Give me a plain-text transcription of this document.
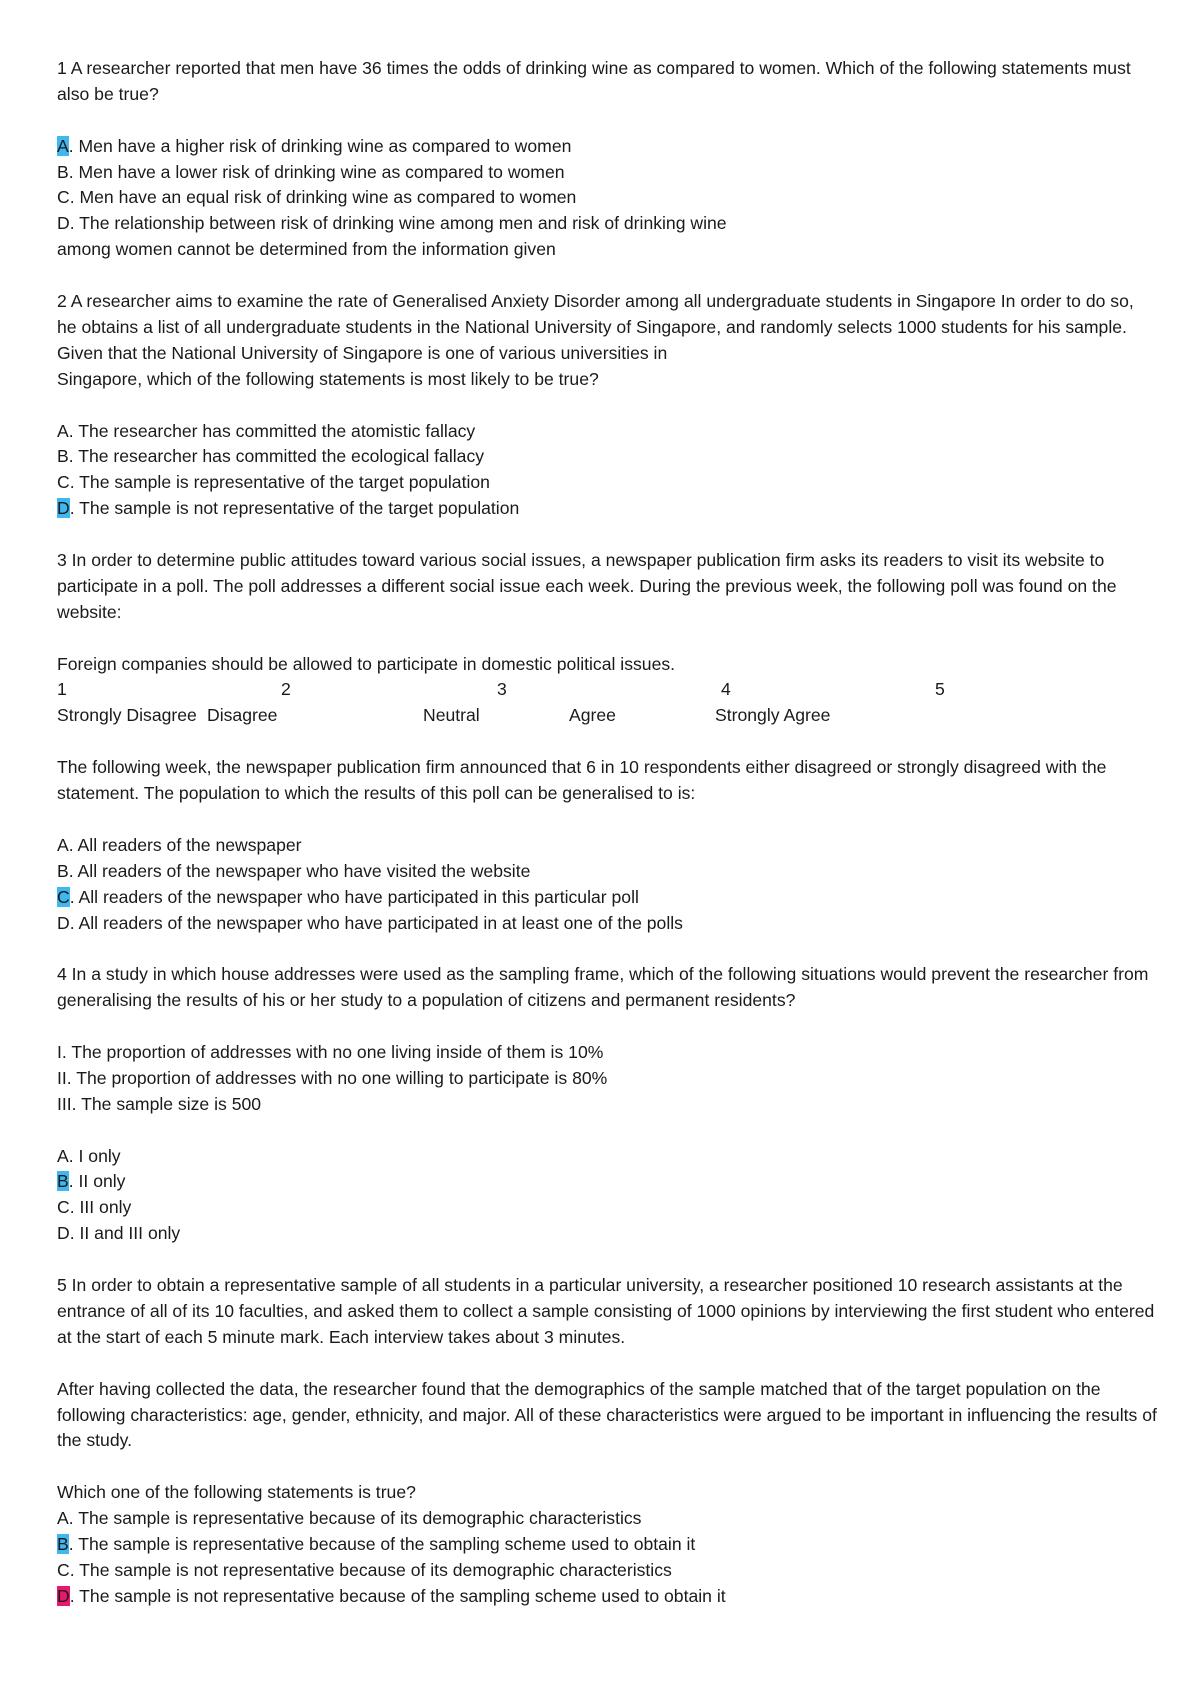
1 A researcher reported that men have 36 times the odds of drinking wine as compared to women. Which of the following statements must also be true?
A. Men have a higher risk of drinking wine as compared to women
B. Men have a lower risk of drinking wine as compared to women
C. Men have an equal risk of drinking wine as compared to women
D. The relationship between risk of drinking wine among men and risk of drinking wine
among women cannot be determined from the information given
2 A researcher aims to examine the rate of Generalised Anxiety Disorder among all undergraduate students in Singapore In order to do so, he obtains a list of all undergraduate students in the National University of Singapore, and randomly selects 1000 students for his sample.
Given that the National University of Singapore is one of various universities in
Singapore, which of the following statements is most likely to be true?
A. The researcher has committed the atomistic fallacy
B. The researcher has committed the ecological fallacy
C. The sample is representative of the target population
D. The sample is not representative of the target population
3 In order to determine public attitudes toward various social issues, a newspaper publication firm asks its readers to visit its website to participate in a poll. The poll addresses a different social issue each week. During the previous week, the following poll was found on the website:
Foreign companies should be allowed to participate in domestic political issues.
1	2	3	4	5
Strongly Disagree Disagree	Neutral	Agree	Strongly Agree
The following week, the newspaper publication firm announced that 6 in 10 respondents either disagreed or strongly disagreed with the statement. The population to which the results of this poll can be generalised to is:
A. All readers of the newspaper
B. All readers of the newspaper who have visited the website
C. All readers of the newspaper who have participated in this particular poll
D. All readers of the newspaper who have participated in at least one of the polls
4 In a study in which house addresses were used as the sampling frame, which of the following situations would prevent the researcher from generalising the results of his or her study to a population of citizens and permanent residents?
I. The proportion of addresses with no one living inside of them is 10%
II. The proportion of addresses with no one willing to participate is 80%
III. The sample size is 500
A. I only
B. II only
C. III only
D. II and III only
5 In order to obtain a representative sample of all students in a particular university, a researcher positioned 10 research assistants at the entrance of all of its 10 faculties, and asked them to collect a sample consisting of 1000 opinions by interviewing the first student who entered at the start of each 5 minute mark. Each interview takes about 3 minutes.
After having collected the data, the researcher found that the demographics of the sample matched that of the target population on the following characteristics: age, gender, ethnicity, and major. All of these characteristics were argued to be important in influencing the results of the study.
Which one of the following statements is true?
A. The sample is representative because of its demographic characteristics
B. The sample is representative because of the sampling scheme used to obtain it
C. The sample is not representative because of its demographic characteristics
D. The sample is not representative because of the sampling scheme used to obtain it
